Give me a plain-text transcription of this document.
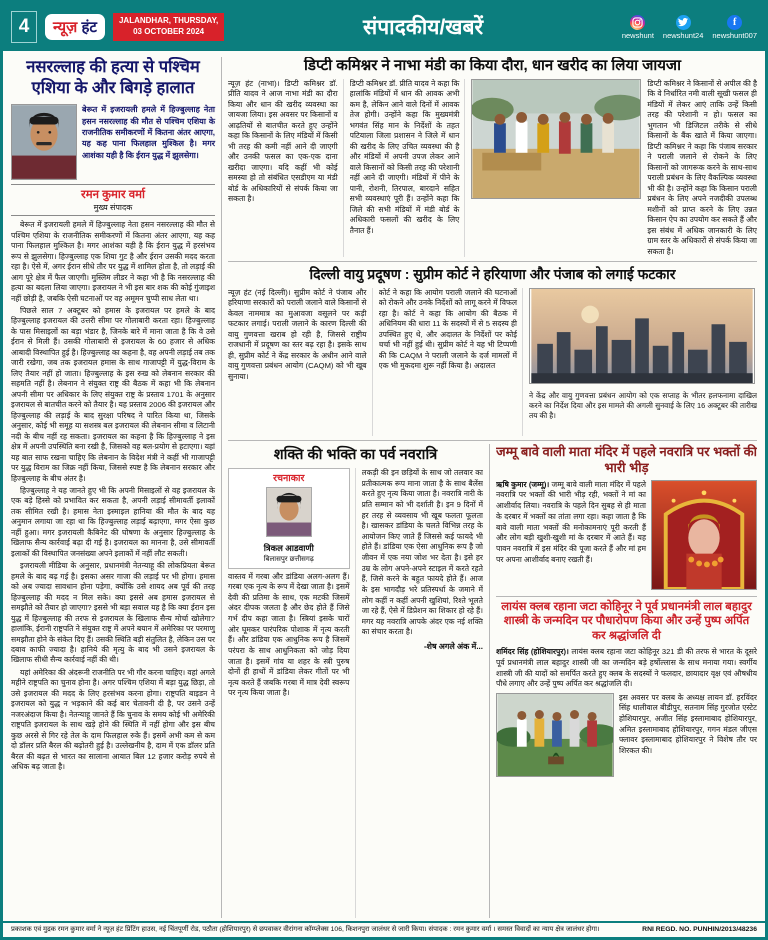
4	न्यूज़ हंट	JALANDHAR, THURSDAY,
03 OCTOBER 2024	संपादकीय/खबरें	newshunt newshunt24
f
newshunt007
नसरल्लाह की हत्या से पश्चिम एशिया के और बिगड़े हालात

बेरूत में इजरायली हमले में हिज्बुल्लाह नेता हसन नसरल्लाह की मौत से पश्चिम एशिया के राजनीतिक समीकरणों में कितना अंतर आएगा, यह कह पाना फिलहाल मुश्किल है। मगर आशंका यही है कि ईरान युद्ध में झुलसेगा।

रमन कुमार वर्मा
मुख्य संपादक

बेरूत में इजरायली हमले में हिज्बुल्लाह नेता हसन नसरल्लाह की मौत से पश्चिम एशिया के राजनीतिक समीकरणों में कितना अंतर आएगा, यह कह पाना फिलहाल मुश्किल है। मगर आशंका यही है कि ईरान युद्ध में हरसंभव रूप से झुलसेगा। हिज्बुल्लाह एक शिया गुट है और ईरान उसकी मदद करता रहा है। ऐसे में, अगर ईरान सीधे तौर पर युद्ध में शामिल होता है, तो लड़ाई की आग पूरे क्षेत्र में फैल जाएगी। मुस्लिम लीडर ने कहा भी है कि नसरल्लाह की हत्या का बदला लिया जाएगा। इजरायल ने भी इस बार शक की कोई गुंजाइश नहीं छोड़ी है, जबकि ऐसी घटनाओं पर वह अमूमन चुप्पी साध लेता था।

पिछले साल 7 अक्टूबर को हमास के इजरायल पर हमले के बाद हिज्बुल्लाह इजरायल की उत्तरी सीमा पर गोलाबारी करता रहा। हिज्बुल्लाह के पास मिसाइलों का बड़ा भंडार है, जिनके बारे में माना जाता है कि वे उसे ईरान से मिली हैं। उसकी गोलाबारी से इजरायल के 60 हजार से अधिक आबादी विस्थापित हुई है। हिज्बुल्लाह का कहना है, वह अपनी लड़ाई तब तक जारी रखेगा, जब तक इजरायल हमास के साथ गाजापट्टी में युद्ध-विराम के लिए तैयार नहीं हो जाता। हिज्बुल्लाह के इस रुख को लेबनान सरकार की सहमति नहीं है। लेबनान ने संयुक्त राष्ट्र की बैठक में कहा भी कि लेबनान अपनी सीमा पर अधिकार के लिए संयुक्त राष्ट्र के प्रस्ताव 1701 के अनुसार इजरायल से बातचीत करने को तैयार है। यह प्रस्ताव 2006 की इजरायल और हिज्बुल्लाह की लड़ाई के बाद सुरक्षा परिषद ने पारित किया था, जिसके अनुसार, कोई भी समूह या सशस्त्र बल इजरायल की लेबनान सीमा व लिटानी नदी के बीच नहीं रह सकता। इजरायल का कहना है कि हिज्बुल्लाह ने इस क्षेत्र में अपनी उपस्थिति बना रखी है, जिसको वह बल-प्रयोग से हटाएगा। यहां यह बात साफ रखना चाहिए कि लेबनान के विदेश मंत्री ने कहीं भी गाजापट्टी पर युद्ध विराम का जिक्र नहीं किया, जिससे स्पष्ट है कि लेबनान सरकार और हिज्बुल्लाह के बीच अंतर है।

हिज्बुल्लाह ने यह जानते हुए भी कि अपनी मिसाइलों से वह इजरायल के एक बड़े हिस्से को प्रभावित कर सकता है, अपनी लड़ाई सीमावर्ती इलाकों तक सीमित रखी है। हमास नेता इस्माइल हानिया की मौत के बाद यह अनुमान लगाया जा रहा था कि हिज्बुल्लाह लड़ाई बढ़ाएगा, मगर ऐसा कुछ नहीं हुआ। मगर इजरायली कैबिनेट की घोषणा के अनुसार हिज्बुल्लाह के खिलाफ सैन्य कार्रवाई बढ़ा दी गई है। इजरायल का मानना है, उसे सीमावर्ती इलाकों की विस्थापित जनसंख्या अपने इलाकों में नहीं लौट सकती।

इजरायली मीडिया के अनुसार, प्रधानमंत्री नेतन्याहू की लोकप्रियता बेरूत हमले के बाद बढ़ गई है। इसका असर गाजा की लड़ाई पर भी होगा। हमास को अब ज्यादा सावधान होना पड़ेगा, क्योंकि उसे शायद अब पूर्व की तरह हिज्बुल्लाह की मदद न मिल सके। क्या इससे अब हमास इजरायल से समझौते को तैयार हो जाएगा? इससे भी बड़ा सवाल यह है कि क्या ईरान इस युद्ध में हिज्बुल्लाह की तरफ से इजरायल के खिलाफ सैन्य मोर्चा खोलेगा? हालांकि, ईरानी राष्ट्रपति ने संयुक्त राष्ट्र में अपने बयान में अमेरिका पर परमाणु समझौता होने के संकेत दिए हैं। उसकी स्थिति बड़ी संतुलित है, लेकिन उस पर दबाव काफी ज्यादा है। हानिये की मृत्यु के बाद भी उसने इजरायल के खिलाफ सीधी सैन्य कार्रवाई नहीं की थी।

यहां अमेरिका की अंदरूनी राजनीति पर भी गौर करना चाहिए। वहां अगले महीने राष्ट्रपति का चुनाव होना है। अगर पश्चिम एशिया में बड़ा युद्ध छिड़ा, तो उसे इजरायल की मदद के लिए हरसंभव करना होगा। राष्ट्रपति बाइडन ने इजरायल को युद्ध न भड़काने की कई बार चेतावनी दी है, पर उसने उन्हें नजरअंदाज किया है। नेतन्याहू जानते हैं कि चुनाव के समय कोई भी अमेरिकी राष्ट्रपति इजरायल के साथ खड़े होने की स्थिति में नहीं होगा और इस बीच कुछ अरसे से गिर रहे तेल के दाम फिलहाल रुके हैं। इसमें अभी कम से कम दो डॉलर प्रति बैरल की बढ़ोतरी हुई है। उल्लेखनीय है, दाम में एक डॉलर प्रति बैरल की बढ़त से भारत का सालाना आयात बिल 12 हजार करोड़ रुपये से अधिक बढ़ जाता है।

डिप्टी कमिश्नर ने नाभा मंडी का किया दौरा, धान खरीद का लिया जायजा
न्यूज़ हंट (नाभा)। डिप्टी कमिश्नर डॉ. प्रीति यादव ने आज नाभा मंडी का दौरा किया और धान की खरीद व्यवस्था का जायजा लिया। इस अवसर पर किसानों व आढ़तियों से बातचीत करते हुए उन्होंने कहा कि किसानों के लिए मंडियों में किसी भी तरह की कमी नहीं आने दी जाएगी और उनकी फसल का एक-एक दाना खरीदा जाएगा। यदि कहीं भी कोई समस्या हो तो संबंधित एसडीएम या मंडी बोर्ड के अधिकारियों से संपर्क किया जा सकता है।
डिप्टी कमिश्नर डॉ. प्रीति यादव ने कहा कि हालांकि मंडियों में धान की आवक अभी कम है, लेकिन आने वाले दिनों में आवक तेज होगी। उन्होंने कहा कि मुख्यमंत्री भगवंत सिंह मान के निर्देशों के तहत पटियाला जिला प्रशासन ने जिले में धान की खरीद के लिए उचित व्यवस्था की है और मंडियों में अपनी उपज लेकर आने वाले किसानों को किसी तरह की परेशानी नहीं आने दी जाएगी। मंडियों में पीने के पानी, रोशनी, तिरपाल, बारदाने सहित सभी व्यवस्थाएं पूरी हैं। उन्होंने कहा कि जिले की सभी मंडियों में मंडी बोर्ड के अधिकारी फसलों की खरीद के लिए तैनात हैं।
डिप्टी कमिश्नर ने किसानों से अपील की है कि वे निर्धारित नमी वाली सूखी फसल ही मंडियों में लेकर आएं ताकि उन्हें किसी तरह की परेशानी न हो। फसल का भुगतान भी डिजिटल तरीके से सीधे किसानों के बैंक खाते में किया जाएगा। डिप्टी कमिश्नर ने कहा कि पंजाब सरकार ने पराली जलाने से रोकने के लिए किसानों को जागरूक करने के साथ-साथ पराली प्रबंधन के लिए वैकल्पिक व्यवस्था भी की है। उन्होंने कहा कि किसान पराली प्रबंधन के लिए अपने नजदीकी उपलब्ध मशीनों को प्राप्त करने के लिए उन्नत किसान ऐप का उपयोग कर सकते हैं और इस संबंध में अधिक जानकारी के लिए ग्राम स्तर के अधिकारों से संपर्क किया जा सकता है।
दिल्ली वायु प्रदूषण : सुप्रीम कोर्ट ने हरियाणा और पंजाब को लगाई फटकार
न्यूज़ हंट (नई दिल्ली)। सुप्रीम कोर्ट ने पंजाब और हरियाणा सरकारों को पराली जलाने वाले किसानों से केवल नाममात्र का मुआवजा वसूलने पर कड़ी फटकार लगाई। पराली जलाने के कारण दिल्ली की वायु गुणवत्ता खराब हो रही है, जिससे राष्ट्रीय राजधानी में प्रदूषण का स्तर बढ़ रहा है। इसके साथ ही, सुप्रीम कोर्ट ने केंद्र सरकार के अधीन आने वाले वायु गुणवत्ता प्रबंधन आयोग (CAQM) को भी खूब सुनाया।
कोर्ट ने कहा कि आयोग पराली जलाने की घटनाओं को रोकने और उनके निर्देशों को लागू करने में विफल रहा है। कोर्ट ने कहा कि आयोग की बैठक में अधिनियम की धारा 11 के सदस्यों में से 5 सदस्य ही उपस्थित हुए थे, और अदालत के निर्देशों पर कोई चर्चा भी नहीं हुई थी। सुप्रीम कोर्ट ने यह भी टिप्पणी की कि CAQM ने पराली जलाने के दर्ज मामलों में एक भी मुकदमा शुरू नहीं किया है। अदालत
ने केंद्र और वायु गुणवत्ता प्रबंधन आयोग को एक सप्ताह के भीतर हलफनामा दाखिल करने का निर्देश दिया और इस मामले की अगली सुनवाई के लिए 16 अक्टूबर की तारीख तय की है।
शक्ति की भक्ति का पर्व नवरात्रि
रचनाकार
त्रिकल आडवाणी
बिलासपुर छत्तीसगढ़
वास्तव में गरबा और डांडिया अलग-अलग हैं। गरबा एक नृत्य के रूप में देखा जाता है। इसमें देवी की प्रतिमा के साथ, एक मटकी जिसमें अंदर दीपक जलता है और छेद होते हैं जिसे गर्भ दीप कहा जाता है। स्त्रियां इसके चारों ओर घूमकर पारंपरिक पोशाक में नृत्य करती हैं। और डांडिया एक आधुनिक रूप है जिसमें परंपरा के साथ आधुनिकता को जोड़ दिया जाता है। इसमें गांव या शहर के स्त्री पुरुष दोनों ही हाथों में डांडिया लेकर गीतों पर भी नृत्य करते हैं जबकि गरबा में मात्र देवी स्वरूप पर नृत्य किया जाता है।
लकड़ी की इन छड़ियों के साथ जो तलवार का प्रतीकात्मक रूप माना जाता है के साथ बैलेंस करते हुए नृत्य किया जाता है। नवरात्रि नारी के प्रति सम्मान को भी दर्शाती है। इन 9 दिनों में हर तरह से व्यवसाय भी खूब फलता फूलता है। खासकर डांडिया के चलते विभिन्न तरह के आयोजन किए जाते हैं जिससे कई फायदे भी होते हैं। डांडिया एक ऐसा आधुनिक रूप है जो जीवन में एक नया जोश भर देता है। इसे हर उम्र के लोग अपने-अपने स्टाइल में करते रहते हैं, जिसे करने के बहुत फायदे होते हैं। आज के इस भागदौड़ भरे प्रतिस्पर्धा के जमाने में लोग कहीं न कहीं अपनी खुशियां, रिश्ते भूलते जा रहे हैं, ऐसे में डिप्रेशन का शिकार हो रहे हैं। मगर यह नवरात्रि आपके अंदर एक नई शक्ति का संचार करता है।
-शेष अगले अंक में...
जम्मू बावे वाली माता मंदिर में पहले नवरात्रि पर भक्तों की भारी भीड़
ऋषि कुमार (जम्मू)। जम्मू बावे वाली माता मंदिर में पहले नवरात्रि पर भक्तों की भारी भीड़ रही, भक्तों ने मां का आशीर्वाद लिया। नवरात्रि के पहले दिन सुबह से ही माता के दरबार में भक्तों का तांता लगा रहा। कहा जाता है कि बावे वाली माता भक्तों की मनोकामनाएं पूरी करती हैं और लोग बड़ी खुशी-खुशी मां के दरबार में आते हैं। यह पावन नवरात्रि में इस मंदिर की पूजा करते हैं और मां हम पर अपना आशीर्वाद बनाए रखती हैं।
लायंस क्लब रहाना जटा कोहिनूर ने पूर्व प्रधानमंत्री लाल बहादुर शास्त्री के जन्मदिन पर पौधारोपण किया और उन्हें पुष्प अर्पित कर श्रद्धांजलि दी

शमिंदर सिंह (होशियारपुर)। लायंस क्लब रहाना जटा कोहिनूर 321 डी की तरफ से भारत के दूसरे पूर्व प्रधानमंत्री लाल बहादुर शास्त्री जी का जन्मदिन बड़े हर्षोल्लास के साथ मनाया गया। स्वर्गीय शास्त्री जी की यादों को समर्पित करते हुए क्लब के सदस्यों ने फलदार, छायादार वृक्ष एवं औषधीय पौधे लगाए और उन्हें पुष्प अर्पित कर श्रद्धांजलि दी।

इस अवसर पर क्लब के अध्यक्ष लायन डॉ. हरविंदर सिंह थालीवाल बीडीपुर, सतनाम सिंह गुरजोत एस्टेट होशियारपुर, अजीत सिंह इस्लामाबाद होशियारपुर, अमित इस्लामाबाद होशियारपुर, गगन मंडल जीएस फ्लावर इस्लामाबाद होशियारपुर ने विशेष तौर पर शिरकत की।

प्रकाशक एवं मुद्रक रमन कुमार वर्मा ने न्यूज़ हंट प्रिंटिंग हाउस, नई चिंतपूर्णी रोड, पठौता (होशियारपुर) से छपवाकर वीरांगना कॉम्प्लेक्स 106, किशनपुरा जालंधर से जारी किया। संपादक : रमन कुमार वर्मा । समस्त विवादों का न्याय क्षेत्र जालंधर होगा।	RNI REGD. NO. PUNHIN/2013/48236
